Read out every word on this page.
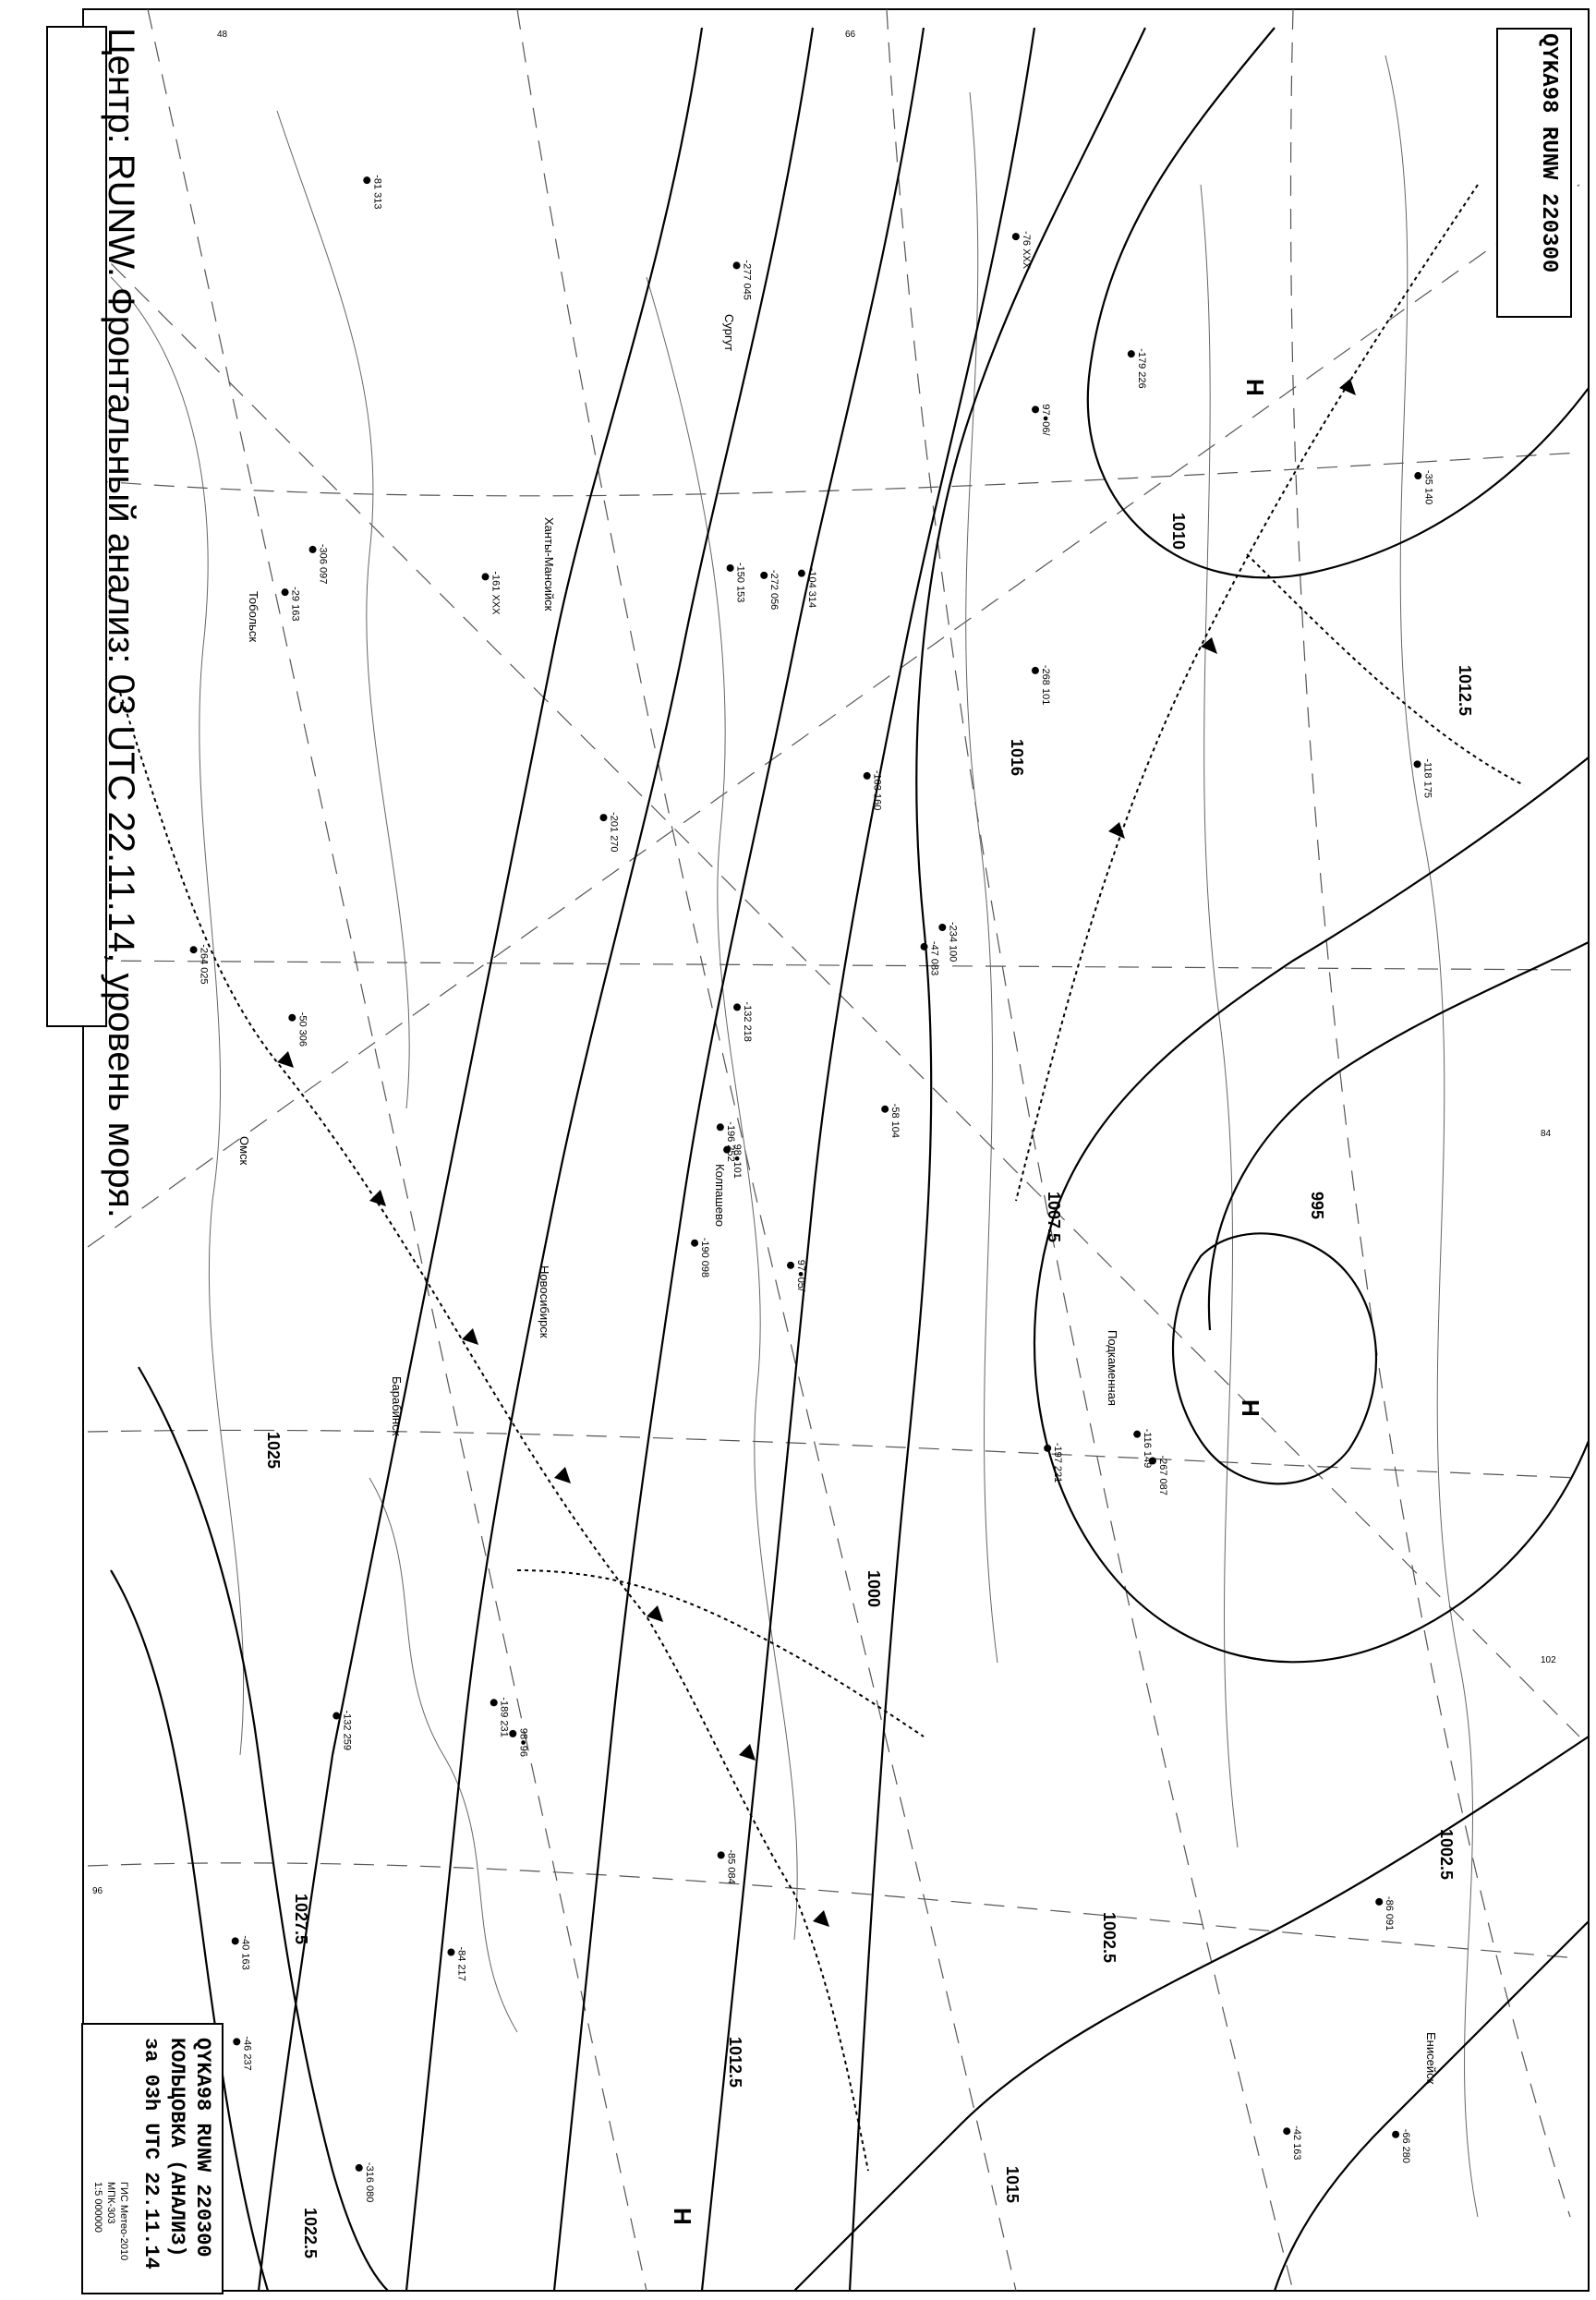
1010
1012.5
1016
1007.5
1002.5
995
1000
1025
1027.5
1022.5
1015
1012.5
1002.5
H
H
H
97●05/
-29 163
98●101
-40 163
-47 083
98●96
-76 XXX
-104 314
97●06/
-58 104
-81 313
-66 280
-50 306
-35 140
-190 098
-268 101
-316 080
-150 153
-103 160
-132 259
-201 270
-46 237
-84 217
-272 056
-234 100
-267 087
-306 097
-277 045
-264 025
-197 221
-118 175
-196 252
-85 084
-132 218
-161 XXX
-179 226
-189 231
-42 163
-86 091
-116 149
Новосибирск
Колпашево
Сургут
Тобольск
Омск
Барабинск
Ханты-Мансийск
Енисейск
Подкаменная
84
102
96
48	66
Центр: RUNW. Фронтальный анализ: 03 UTC 22.11.14, уровень моря.	QYKA98 RUNW 220300
QYKA98 RUNW 220300
КОЛЬЦОВКА (АНАЛИЗ)
за 03h UTC 22.11.14
ГИС Метео-2010
МПК-303
1:5 000000
